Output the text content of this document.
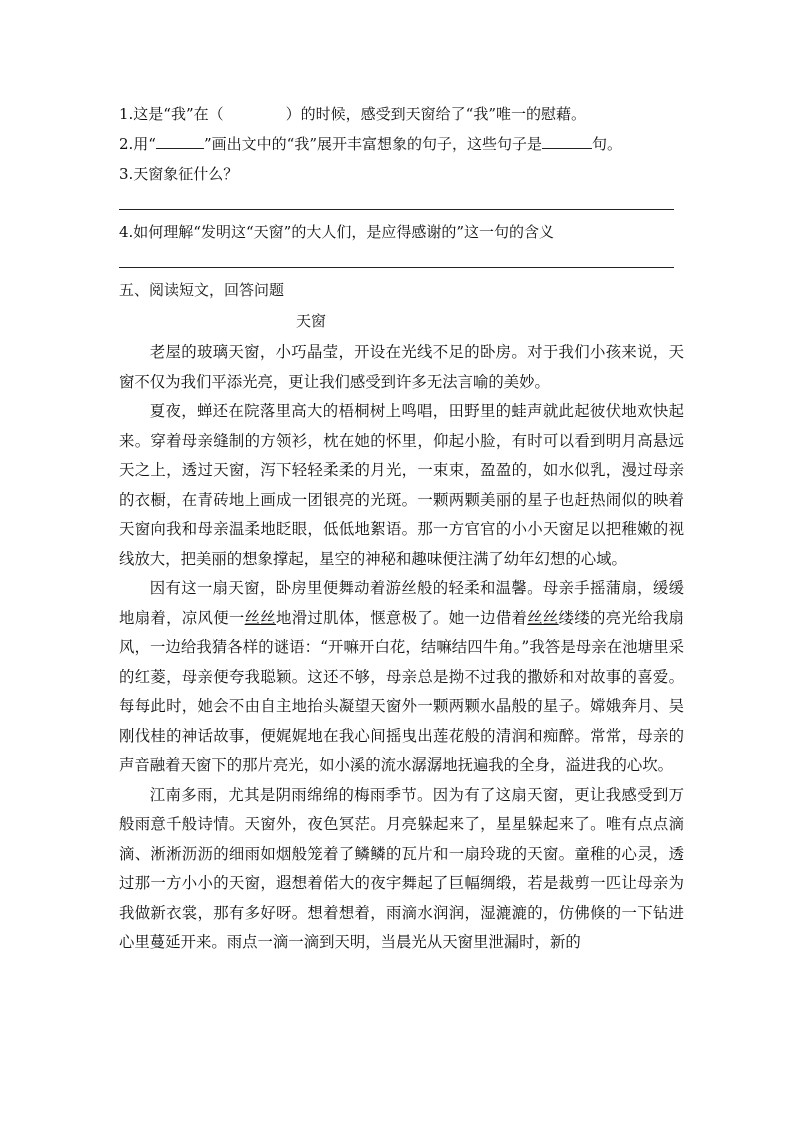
1.这是“我”在（	）的时候，感受到天窗给了“我”唯一的慰藉。

2.用“	”画出文中的“我”展开丰富想象的句子，这些句子是	句。

3.天窗象征什么？

4.如何理解“发明这“天窗”的大人们，是应得感谢的”这一句的含义

五、阅读短文，回答问题
天窗

老屋的玻璃天窗，小巧晶莹，开设在光线不足的卧房。对于我们小孩来说，天窗不仅为我们平添光亮，更让我们感受到许多无法言喻的美妙。

夏夜，蝉还在院落里高大的梧桐树上鸣唱，田野里的蛙声就此起彼伏地欢快起来。穿着母亲缝制的方领衫，枕在她的怀里，仰起小脸，有时可以看到明月高悬远天之上，透过天窗，泻下轻轻柔柔的月光，一束束，盈盈的，如水似乳，漫过母亲的衣橱，在青砖地上画成一团银亮的光斑。一颗两颗美丽的星子也赶热闹似的映着天窗向我和母亲温柔地眨眼，低低地絮语。那一方官官的小小天窗足以把稚嫩的视线放大，把美丽的想象撑起，星空的神秘和趣味便注满了幼年幻想的心域。

因有这一扇天窗，卧房里便舞动着游丝般的轻柔和温馨。母亲手摇蒲扇，缓缓地扇着，凉风便一丝丝地滑过肌体，惬意极了。她一边借着丝丝缕缕的亮光给我扇风，一边给我猜各样的谜语：“开嘛开白花，结嘛结四牛角。”我答是母亲在池塘里采的红菱，母亲便夸我聪颖。这还不够，母亲总是拗不过我的撒娇和对故事的喜爱。每每此时，她会不由自主地抬头凝望天窗外一颗两颗水晶般的星子。嫦娥奔月、吴刚伐桂的神话故事，便娓娓地在我心间摇曳出莲花般的清润和痴醉。常常，母亲的声音融着天窗下的那片亮光，如小溪的流水潺潺地抚遍我的全身，溢进我的心坎。

江南多雨，尤其是阴雨绵绵的梅雨季节。因为有了这扇天窗，更让我感受到万般雨意千般诗情。天窗外，夜色冥茫。月亮躲起来了，星星躲起来了。唯有点点滴滴、淅淅沥沥的细雨如烟般笼着了鳞鳞的瓦片和一扇玲珑的天窗。童稚的心灵，透过那一方小小的天窗，遐想着偌大的夜宇舞起了巨幅绸缎，若是裁剪一匹让母亲为我做新衣裳，那有多好呀。想着想着，雨滴水润润，湿漉漉的，仿佛倏的一下钻进心里蔓延开来。雨点一滴一滴到天明，当晨光从天窗里泄漏时，新的
